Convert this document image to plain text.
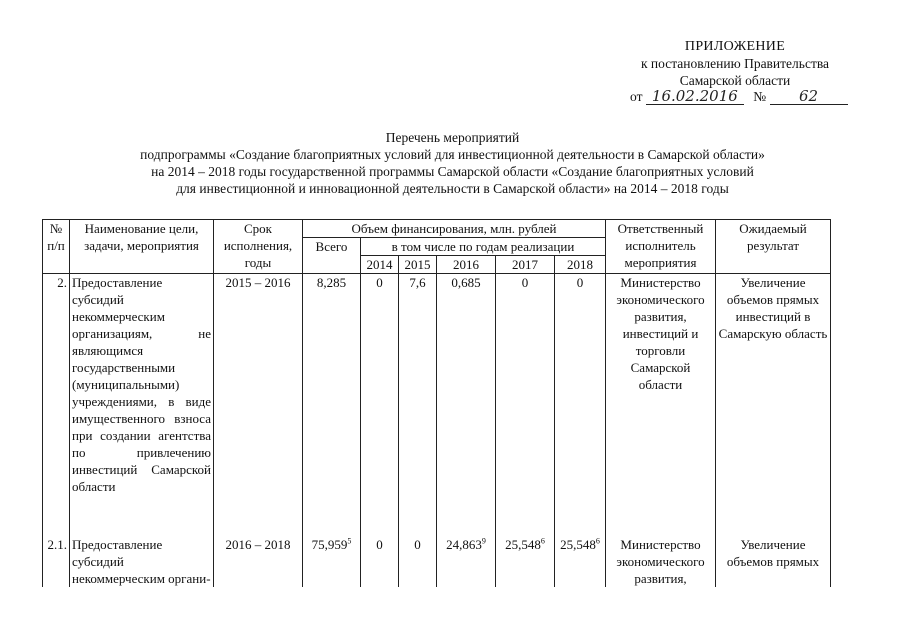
ПРИЛОЖЕНИЕ
к постановлению Правительства
Самарской области
от 16.02.2016 № 62
Перечень мероприятий
подпрограммы «Создание благоприятных условий для инвестиционной деятельности в Самарской области»
на 2014 – 2018 годы государственной программы Самарской области «Создание благоприятных условий
для инвестиционной и инновационной деятельности в Самарской области» на 2014 – 2018 годы
№ п/п	Наименование цели, задачи, мероприятия	Срок исполнения, годы	Объем финансирования, млн. рублей						Ответственный исполнитель мероприятия	Ожидаемый результат
			Всего	в том числе по годам реализации						
				2014	2015	2016	2017	2018		
2.	Предоставление субсидий некоммерческим организациям, не являющимся государственными (муниципальными) учреждениями, в виде имущественного взноса при создании агентства по привлечению инвестиций Самарской области	2015 – 2016	8,285	0	7,6	0,685	0	0	Министерство экономического развития, инвестиций и торговли Самарской области	Увеличение объемов прямых инвестиций в Самарскую область
2.1.	Предоставление субсидий некоммерческим органи-	2016 – 2018	75,959$^5$	0	0	24,863$^9$	25,548$^6$	25,548$^6$	Министерство экономического развития,	Увеличение объемов прямых
